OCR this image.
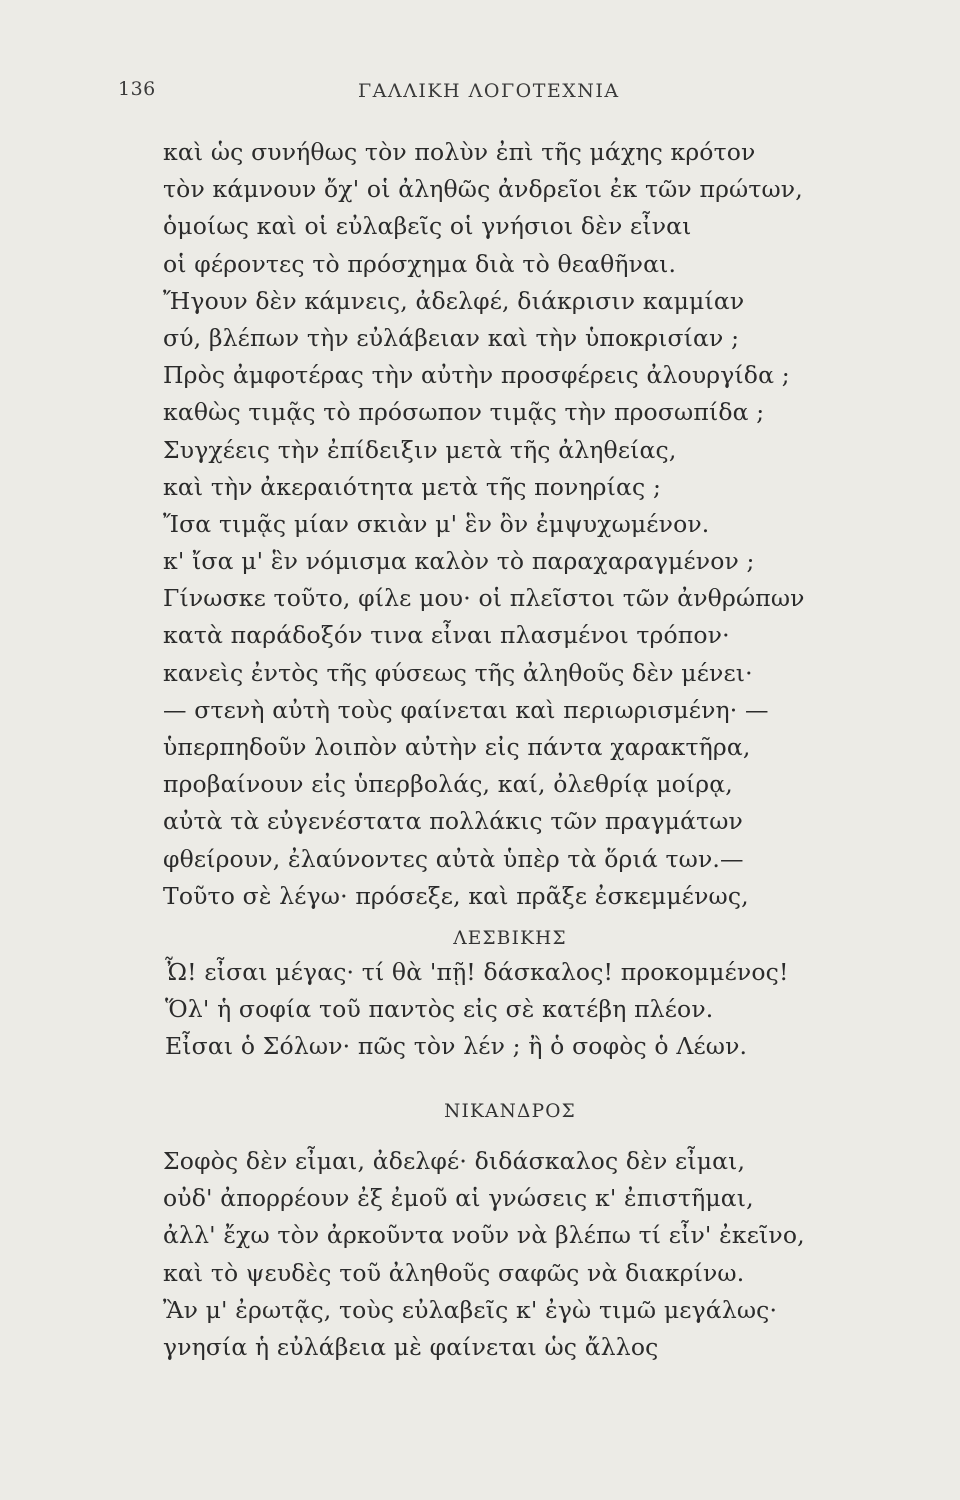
136	ΓΑΛΛΙΚΗ ΛΟΓΟΤΕΧΝΙΑ
καὶ ὡς συνήθως τὸν πολὺν ἐπὶ τῆς μάχης κρότον
τὸν κάμνουν ὄχ' οἱ ἀληθῶς ἀνδρεῖοι ἐκ τῶν πρώτων,
ὁμοίως καὶ οἱ εὐλαβεῖς οἱ γνήσιοι δὲν εἶναι
οἱ φέροντες τὸ πρόσχημα διὰ τὸ θεαθῆναι.
Ἤγουν δὲν κάμνεις, ἀδελφέ, διάκρισιν καμμίαν
σύ, βλέπων τὴν εὐλάβειαν καὶ τὴν ὑποκρισίαν ;
Πρὸς ἀμφοτέρας τὴν αὐτὴν προσφέρεις ἀλουργίδα ;
καθὼς τιμᾷς τὸ πρόσωπον τιμᾷς τὴν προσωπίδα ;
Συγχέεις τὴν ἐπίδειξιν μετὰ τῆς ἀληθείας,
καὶ τὴν ἀκεραιότητα μετὰ τῆς πονηρίας ;
Ἴσα τιμᾷς μίαν σκιὰν μ' ἓν ὂν ἐμψυχωμένον.
κ' ἴσα μ' ἓν νόμισμα καλὸν τὸ παραχαραγμένον ;
Γίνωσκε τοῦτο, φίλε μου· οἱ πλεῖστοι τῶν ἀνθρώπων
κατὰ παράδοξόν τινα εἶναι πλασμένοι τρόπον·
κανεὶς ἐντὸς τῆς φύσεως τῆς ἀληθοῦς δὲν μένει·
— στενὴ αὐτὴ τοὺς φαίνεται καὶ περιωρισμένη· —
ὑπερπηδοῦν λοιπὸν αὐτὴν εἰς πάντα χαρακτῆρα,
προβαίνουν εἰς ὑπερβολάς, καί, ὀλεθρίᾳ μοίρᾳ,
αὐτὰ τὰ εὐγενέστατα πολλάκις τῶν πραγμάτων
φθείρουν, ἐλαύνοντες αὐτὰ ὑπὲρ τὰ ὅριά των.—
Τοῦτο σὲ λέγω· πρόσεξε, καὶ πρᾶξε ἐσκεμμένως,
ΛΕΣΒΙΚΗΣ
Ὦ! εἶσαι μέγας· τί θὰ 'πῇ! δάσκαλος! προκομμένος!
Ὅλ' ἡ σοφία τοῦ παντὸς εἰς σὲ κατέβη πλέον.
Εἶσαι ὁ Σόλων· πῶς τὸν λέν ; ἢ ὁ σοφὸς ὁ Λέων.
ΝΙΚΑΝΔΡΟΣ
Σοφὸς δὲν εἶμαι, ἀδελφέ· διδάσκαλος δὲν εἶμαι,
οὐδ' ἀπορρέουν ἐξ ἐμοῦ αἱ γνώσεις κ' ἐπιστῆμαι,
ἀλλ' ἔχω τὸν ἀρκοῦντα νοῦν νὰ βλέπω τί εἶν' ἐκεῖνο,
καὶ τὸ ψευδὲς τοῦ ἀληθοῦς σαφῶς νὰ διακρίνω.
Ἂν μ' ἐρωτᾷς, τοὺς εὐλαβεῖς κ' ἐγὼ τιμῶ μεγάλως·
γνησία ἡ εὐλάβεια μὲ φαίνεται ὡς ἄλλος
